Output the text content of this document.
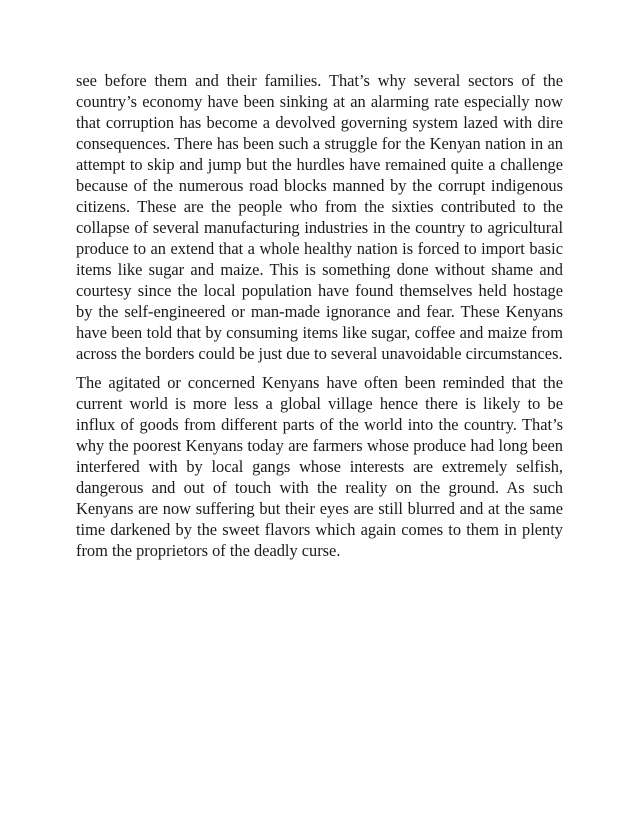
see before them and their families. That’s why several sectors of the country’s economy have been sinking at an alarming rate especially now that corruption has become a devolved governing system lazed with dire consequences. There has been such a struggle for the Kenyan nation in an attempt to skip and jump but the hurdles have remained quite a challenge because of the numerous road blocks manned by the corrupt indigenous citizens. These are the people who from the sixties contributed to the collapse of several manufacturing industries in the country to agricultural produce to an extend that a whole healthy nation is forced to import basic items like sugar and maize. This is something done without shame and courtesy since the local population have found themselves held hostage by the self-engineered or man-made ignorance and fear. These Kenyans have been told that by consuming items like sugar, coffee and maize from across the borders could be just due to several unavoidable circumstances.

The agitated or concerned Kenyans have often been reminded that the current world is more less a global village hence there is likely to be influx of goods from different parts of the world into the country. That’s why the poorest Kenyans today are farmers whose produce had long been interfered with by local gangs whose interests are extremely selfish, dangerous and out of touch with the reality on the ground. As such Kenyans are now suffering but their eyes are still blurred and at the same time darkened by the sweet flavors which again comes to them in plenty from the proprietors of the deadly curse.
